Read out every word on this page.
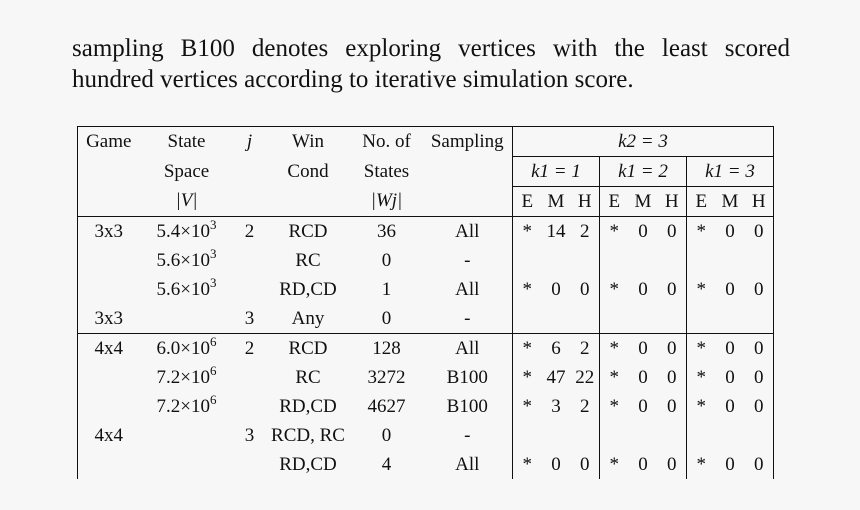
sampling B100 denotes exploring vertices with the least scored
hundred vertices according to iterative simulation score.
Game	State	j	Win	No. of	Sampling	k2 = 3								
	Space		Cond	States		k1 = 1			k1 = 2			k1 = 3		
	|V|			|Wj|		E	M	H	E	M	H	E	M	H
3x3	$5.4\times 10^3$	2	RCD	36	All	*	14	2	*	0	0	*	0	0
	$5.6\times 10^3$		RC	0	-									
	$5.6\times 10^3$		RD,CD	1	All	*	0	0	*	0	0	*	0	0
3x3		3	Any	0	-									
4x4	$6.0\times 10^6$	2	RCD	128	All	*	6	2	*	0	0	*	0	0
	$7.2\times 10^6$		RC	3272	B100	*	47	22	*	0	0	*	0	0
	$7.2\times 10^6$		RD,CD	4627	B100	*	3	2	*	0	0	*	0	0
4x4		3	RCD, RC	0	-									
			RD,CD	4	All	*	0	0	*	0	0	*	0	0
